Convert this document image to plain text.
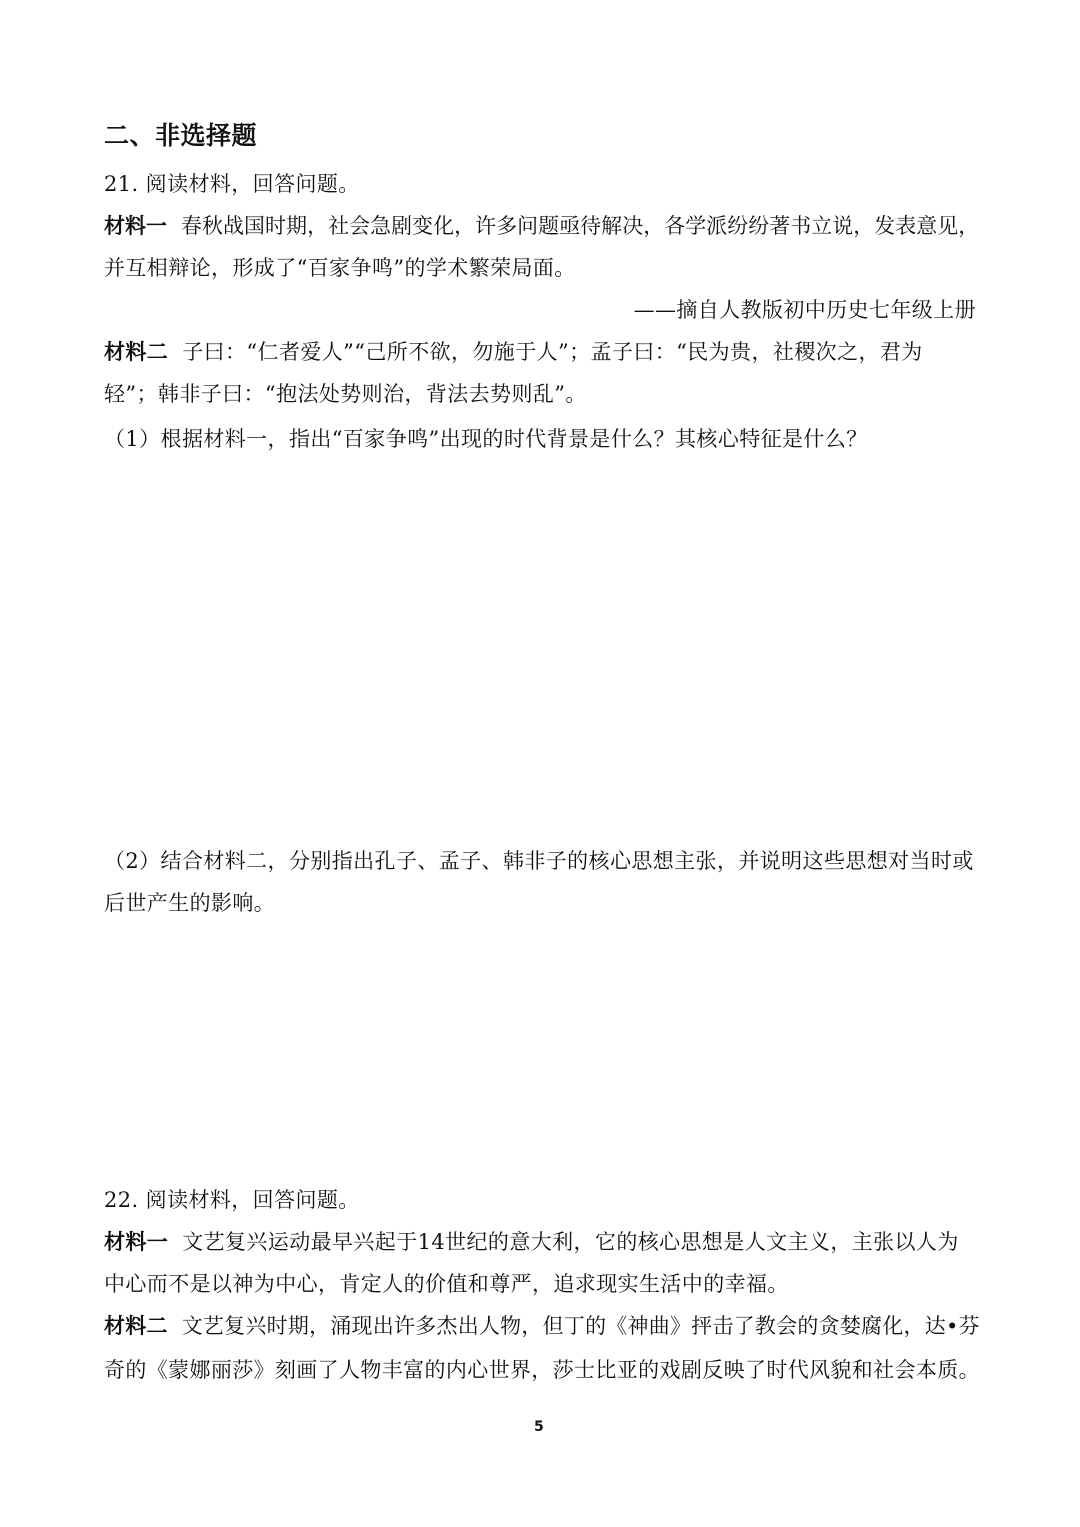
二、非选择题
21. 阅读材料，回答问题。
材料一 春秋战国时期，社会急剧变化，许多问题亟待解决，各学派纷纷著书立说，发表意见，
并互相辩论，形成了“百家争鸣”的学术繁荣局面。
——摘自人教版初中历史七年级上册
材料二 子曰：“仁者爱人”“己所不欲，勿施于人”；孟子曰：“民为贵，社稷次之，君为
轻”；韩非子曰：“抱法处势则治，背法去势则乱”。
（1）根据材料一，指出“百家争鸣”出现的时代背景是什么？其核心特征是什么？
（2）结合材料二，分别指出孔子、孟子、韩非子的核心思想主张，并说明这些思想对当时或
后世产生的影响。
22. 阅读材料，回答问题。
材料一 文艺复兴运动最早兴起于14世纪的意大利，它的核心思想是人文主义，主张以人为
中心而不是以神为中心，肯定人的价值和尊严，追求现实生活中的幸福。
材料二 文艺复兴时期，涌现出许多杰出人物，但丁的《神曲》抨击了教会的贪婪腐化，达•芬
奇的《蒙娜丽莎》刻画了人物丰富的内心世界，莎士比亚的戏剧反映了时代风貌和社会本质。
5
